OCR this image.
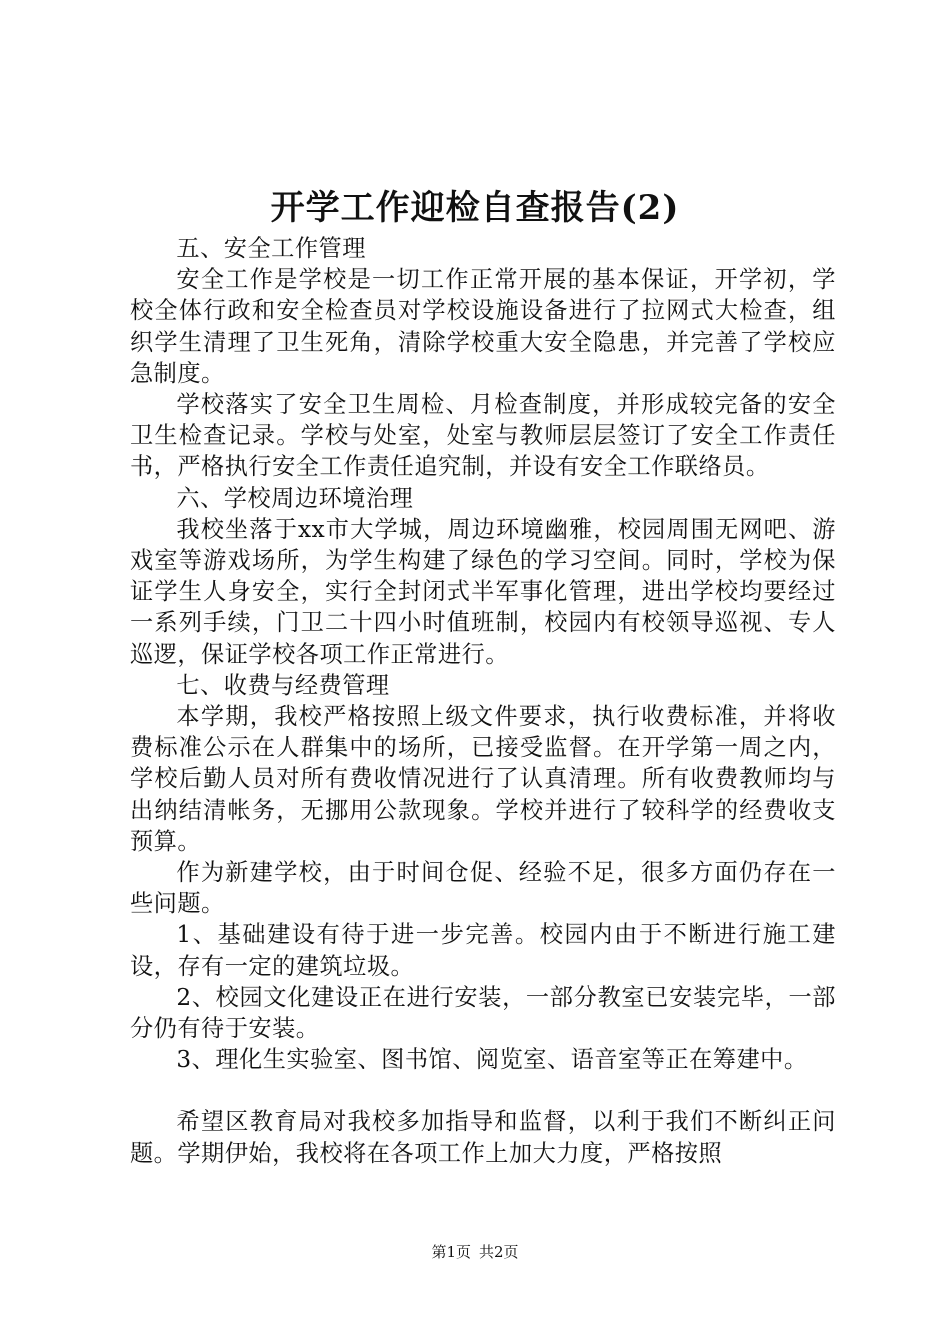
开学工作迎检自查报告(2)

五、安全工作管理

安全工作是学校是一切工作正常开展的基本保证，开学初，学校全体行政和安全检查员对学校设施设备进行了拉网式大检查，组织学生清理了卫生死角，清除学校重大安全隐患，并完善了学校应急制度。

学校落实了安全卫生周检、月检查制度，并形成较完备的安全卫生检查记录。学校与处室，处室与教师层层签订了安全工作责任书，严格执行安全工作责任追究制，并设有安全工作联络员。

六、学校周边环境治理

我校坐落于xx市大学城，周边环境幽雅，校园周围无网吧、游戏室等游戏场所，为学生构建了绿色的学习空间。同时，学校为保证学生人身安全，实行全封闭式半军事化管理，进出学校均要经过一系列手续，门卫二十四小时值班制，校园内有校领导巡视、专人巡逻，保证学校各项工作正常进行。

七、收费与经费管理

本学期，我校严格按照上级文件要求，执行收费标准，并将收费标准公示在人群集中的场所，已接受监督。在开学第一周之内，学校后勤人员对所有费收情况进行了认真清理。所有收费教师均与出纳结清帐务，无挪用公款现象。学校并进行了较科学的经费收支预算。

作为新建学校，由于时间仓促、经验不足，很多方面仍存在一些问题。

1、基础建设有待于进一步完善。校园内由于不断进行施工建设，存有一定的建筑垃圾。

2、校园文化建设正在进行安装，一部分教室已安装完毕，一部分仍有待于安装。

3、理化生实验室、图书馆、阅览室、语音室等正在筹建中。

希望区教育局对我校多加指导和监督，以利于我们不断纠正问题。学期伊始，我校将在各项工作上加大力度，严格按照

第1页 共2页
